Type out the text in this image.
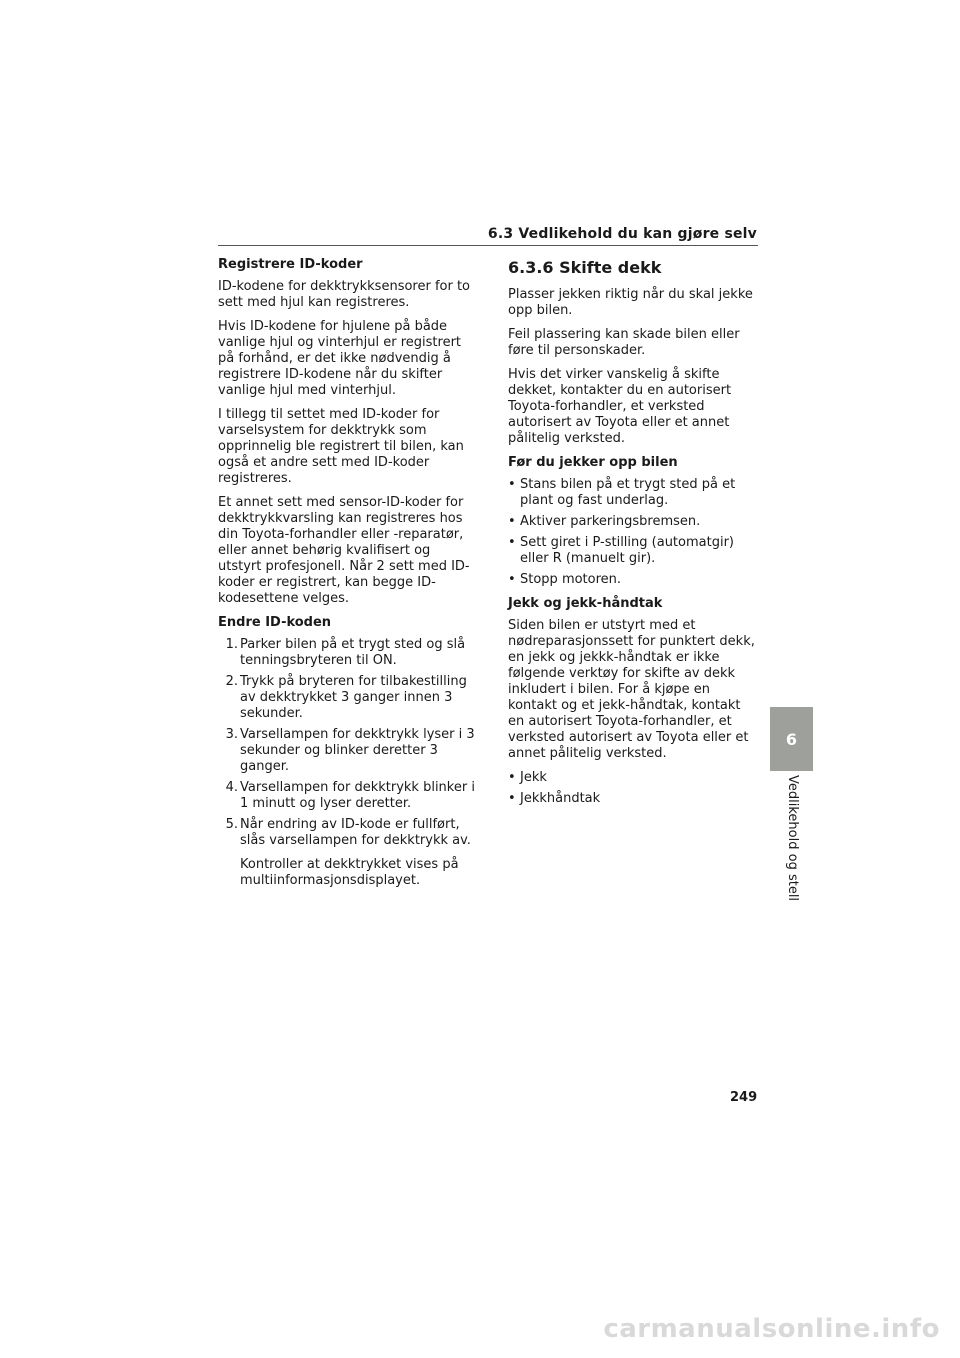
6.3 Vedlikehold du kan gjøre selv

Registrere ID-koder

ID-kodene for dekktrykksensorer for to sett med hjul kan registreres.

Hvis ID-kodene for hjulene på både vanlige hjul og vinterhjul er registrert på forhånd, er det ikke nødvendig å registrere ID-kodene når du skifter vanlige hjul med vinterhjul.

I tillegg til settet med ID-koder for varselsystem for dekktrykk som opprinnelig ble registrert til bilen, kan også et andre sett med ID-koder registreres.

Et annet sett med sensor-ID-koder for dekktrykkvarsling kan registreres hos din Toyota-forhandler eller -reparatør, eller annet behørig kvalifisert og utstyrt profesjonell. Når 2 sett med ID-koder er registrert, kan begge ID-kodesettene velges.

Endre ID-koden

1. Parker bilen på et trygt sted og slå tenningsbryteren til ON.
2. Trykk på bryteren for tilbakestilling av dekktrykket 3 ganger innen 3 sekunder.
3. Varsellampen for dekktrykk lyser i 3 sekunder og blinker deretter 3 ganger.
4. Varsellampen for dekktrykk blinker i 1 minutt og lyser deretter.
5. Når endring av ID-kode er fullført, slås varsellampen for dekktrykk av.

Kontroller at dekktrykket vises på multiinformasjonsdisplayet.

6.3.6 Skifte dekk

Plasser jekken riktig når du skal jekke opp bilen.

Feil plassering kan skade bilen eller føre til personskader.

Hvis det virker vanskelig å skifte dekket, kontakter du en autorisert Toyota-forhandler, et verksted autorisert av Toyota eller et annet pålitelig verksted.

Før du jekker opp bilen

• Stans bilen på et trygt sted på et plant og fast underlag.
• Aktiver parkeringsbremsen.
• Sett giret i P-stilling (automatgir) eller R (manuelt gir).
• Stopp motoren.

Jekk og jekk-håndtak

Siden bilen er utstyrt med et nødreparasjonssett for punktert dekk, en jekk og jekkk-håndtak er ikke følgende verktøy for skifte av dekk inkludert i bilen. For å kjøpe en kontakt og et jekk-håndtak, kontakt en autorisert Toyota-forhandler, et verksted autorisert av Toyota eller et annet pålitelig verksted.

• Jekk
• Jekkhåndtak
6
Vedlikehold og stell
249
carmanualsonline.info
